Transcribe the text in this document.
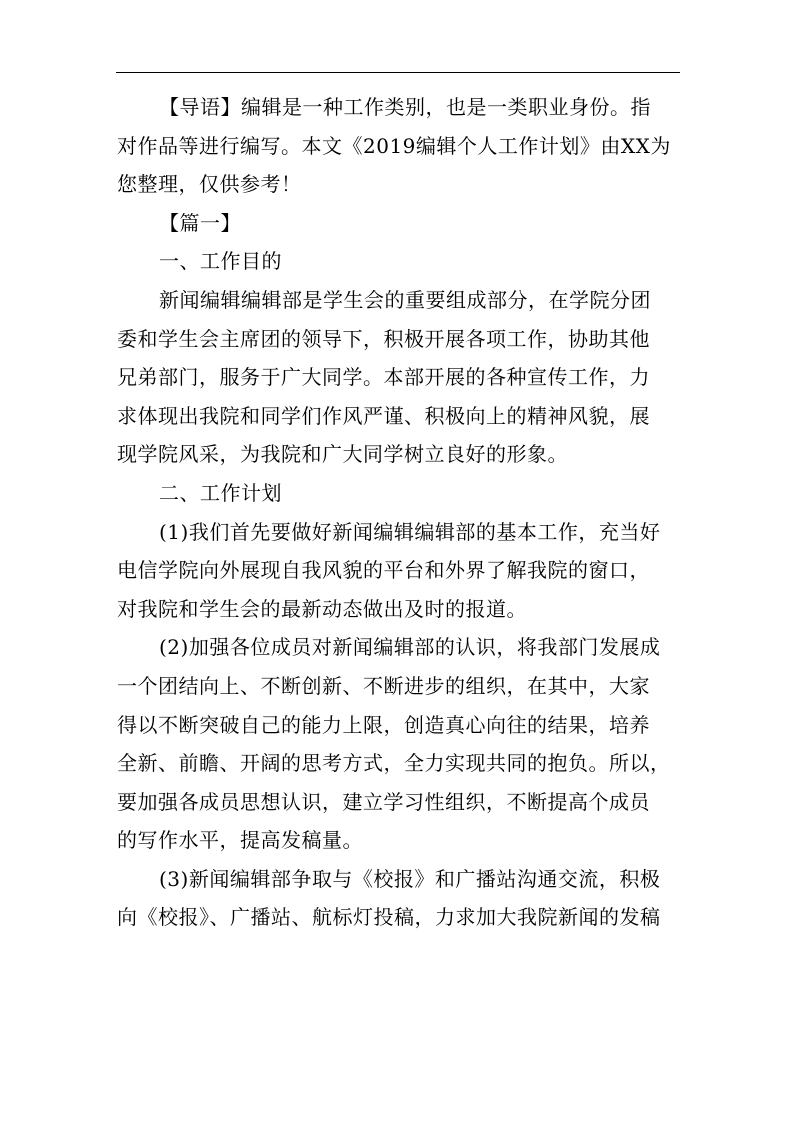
【导语】编辑是一种工作类别，也是一类职业身份。指

对作品等进行编写。本文《2019编辑个人工作计划》由XX为

您整理，仅供参考！

【篇一】

一、工作目的

新闻编辑编辑部是学生会的重要组成部分，在学院分团

委和学生会主席团的领导下，积极开展各项工作，协助其他

兄弟部门，服务于广大同学。本部开展的各种宣传工作，力

求体现出我院和同学们作风严谨、积极向上的精神风貌，展

现学院风采，为我院和广大同学树立良好的形象。

二、工作计划

(1)我们首先要做好新闻编辑编辑部的基本工作，充当好

电信学院向外展现自我风貌的平台和外界了解我院的窗口，

对我院和学生会的最新动态做出及时的报道。

(2)加强各位成员对新闻编辑部的认识，将我部门发展成

一个团结向上、不断创新、不断进步的组织，在其中，大家

得以不断突破自己的能力上限，创造真心向往的结果，培养

全新、前瞻、开阔的思考方式，全力实现共同的抱负。所以，

要加强各成员思想认识，建立学习性组织，不断提高个成员

的写作水平，提高发稿量。

(3)新闻编辑部争取与《校报》和广播站沟通交流，积极

向《校报》、广播站、航标灯投稿，力求加大我院新闻的发稿
